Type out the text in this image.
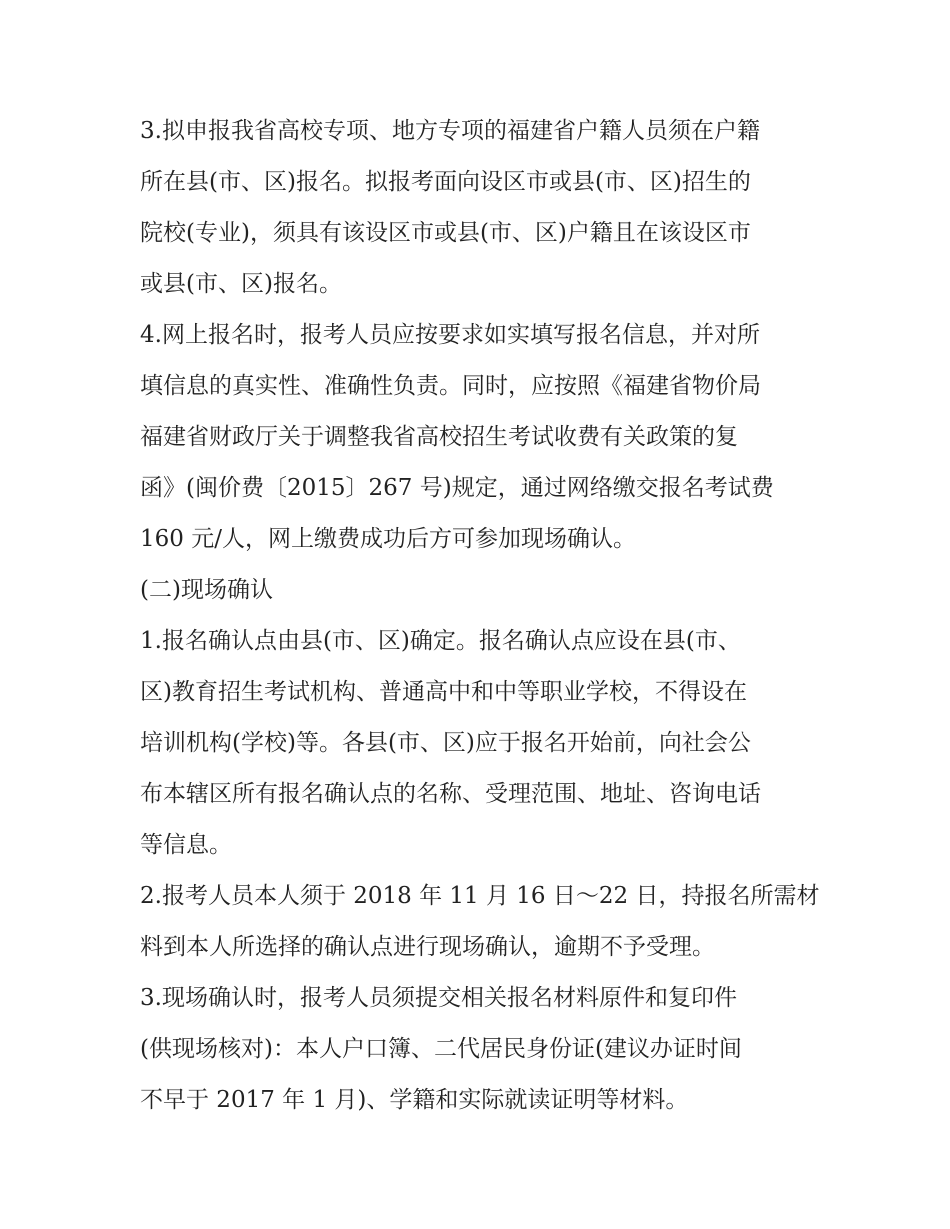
3.拟申报我省高校专项、地方专项的福建省户籍人员须在户籍
所在县(市、区)报名。拟报考面向设区市或县(市、区)招生的
院校(专业)，须具有该设区市或县(市、区)户籍且在该设区市
或县(市、区)报名。
4.网上报名时，报考人员应按要求如实填写报名信息，并对所
填信息的真实性、准确性负责。同时，应按照《福建省物价局
福建省财政厅关于调整我省高校招生考试收费有关政策的复
函》(闽价费〔2015〕267 号)规定，通过网络缴交报名考试费
160 元/人，网上缴费成功后方可参加现场确认。
(二)现场确认
1.报名确认点由县(市、区)确定。报名确认点应设在县(市、
区)教育招生考试机构、普通高中和中等职业学校，不得设在
培训机构(学校)等。各县(市、区)应于报名开始前，向社会公
布本辖区所有报名确认点的名称、受理范围、地址、咨询电话
等信息。
2.报考人员本人须于 2018 年 11 月 16 日～22 日，持报名所需材
料到本人所选择的确认点进行现场确认，逾期不予受理。
3.现场确认时，报考人员须提交相关报名材料原件和复印件
(供现场核对)：本人户口簿、二代居民身份证(建议办证时间
不早于 2017 年 1 月)、学籍和实际就读证明等材料。
